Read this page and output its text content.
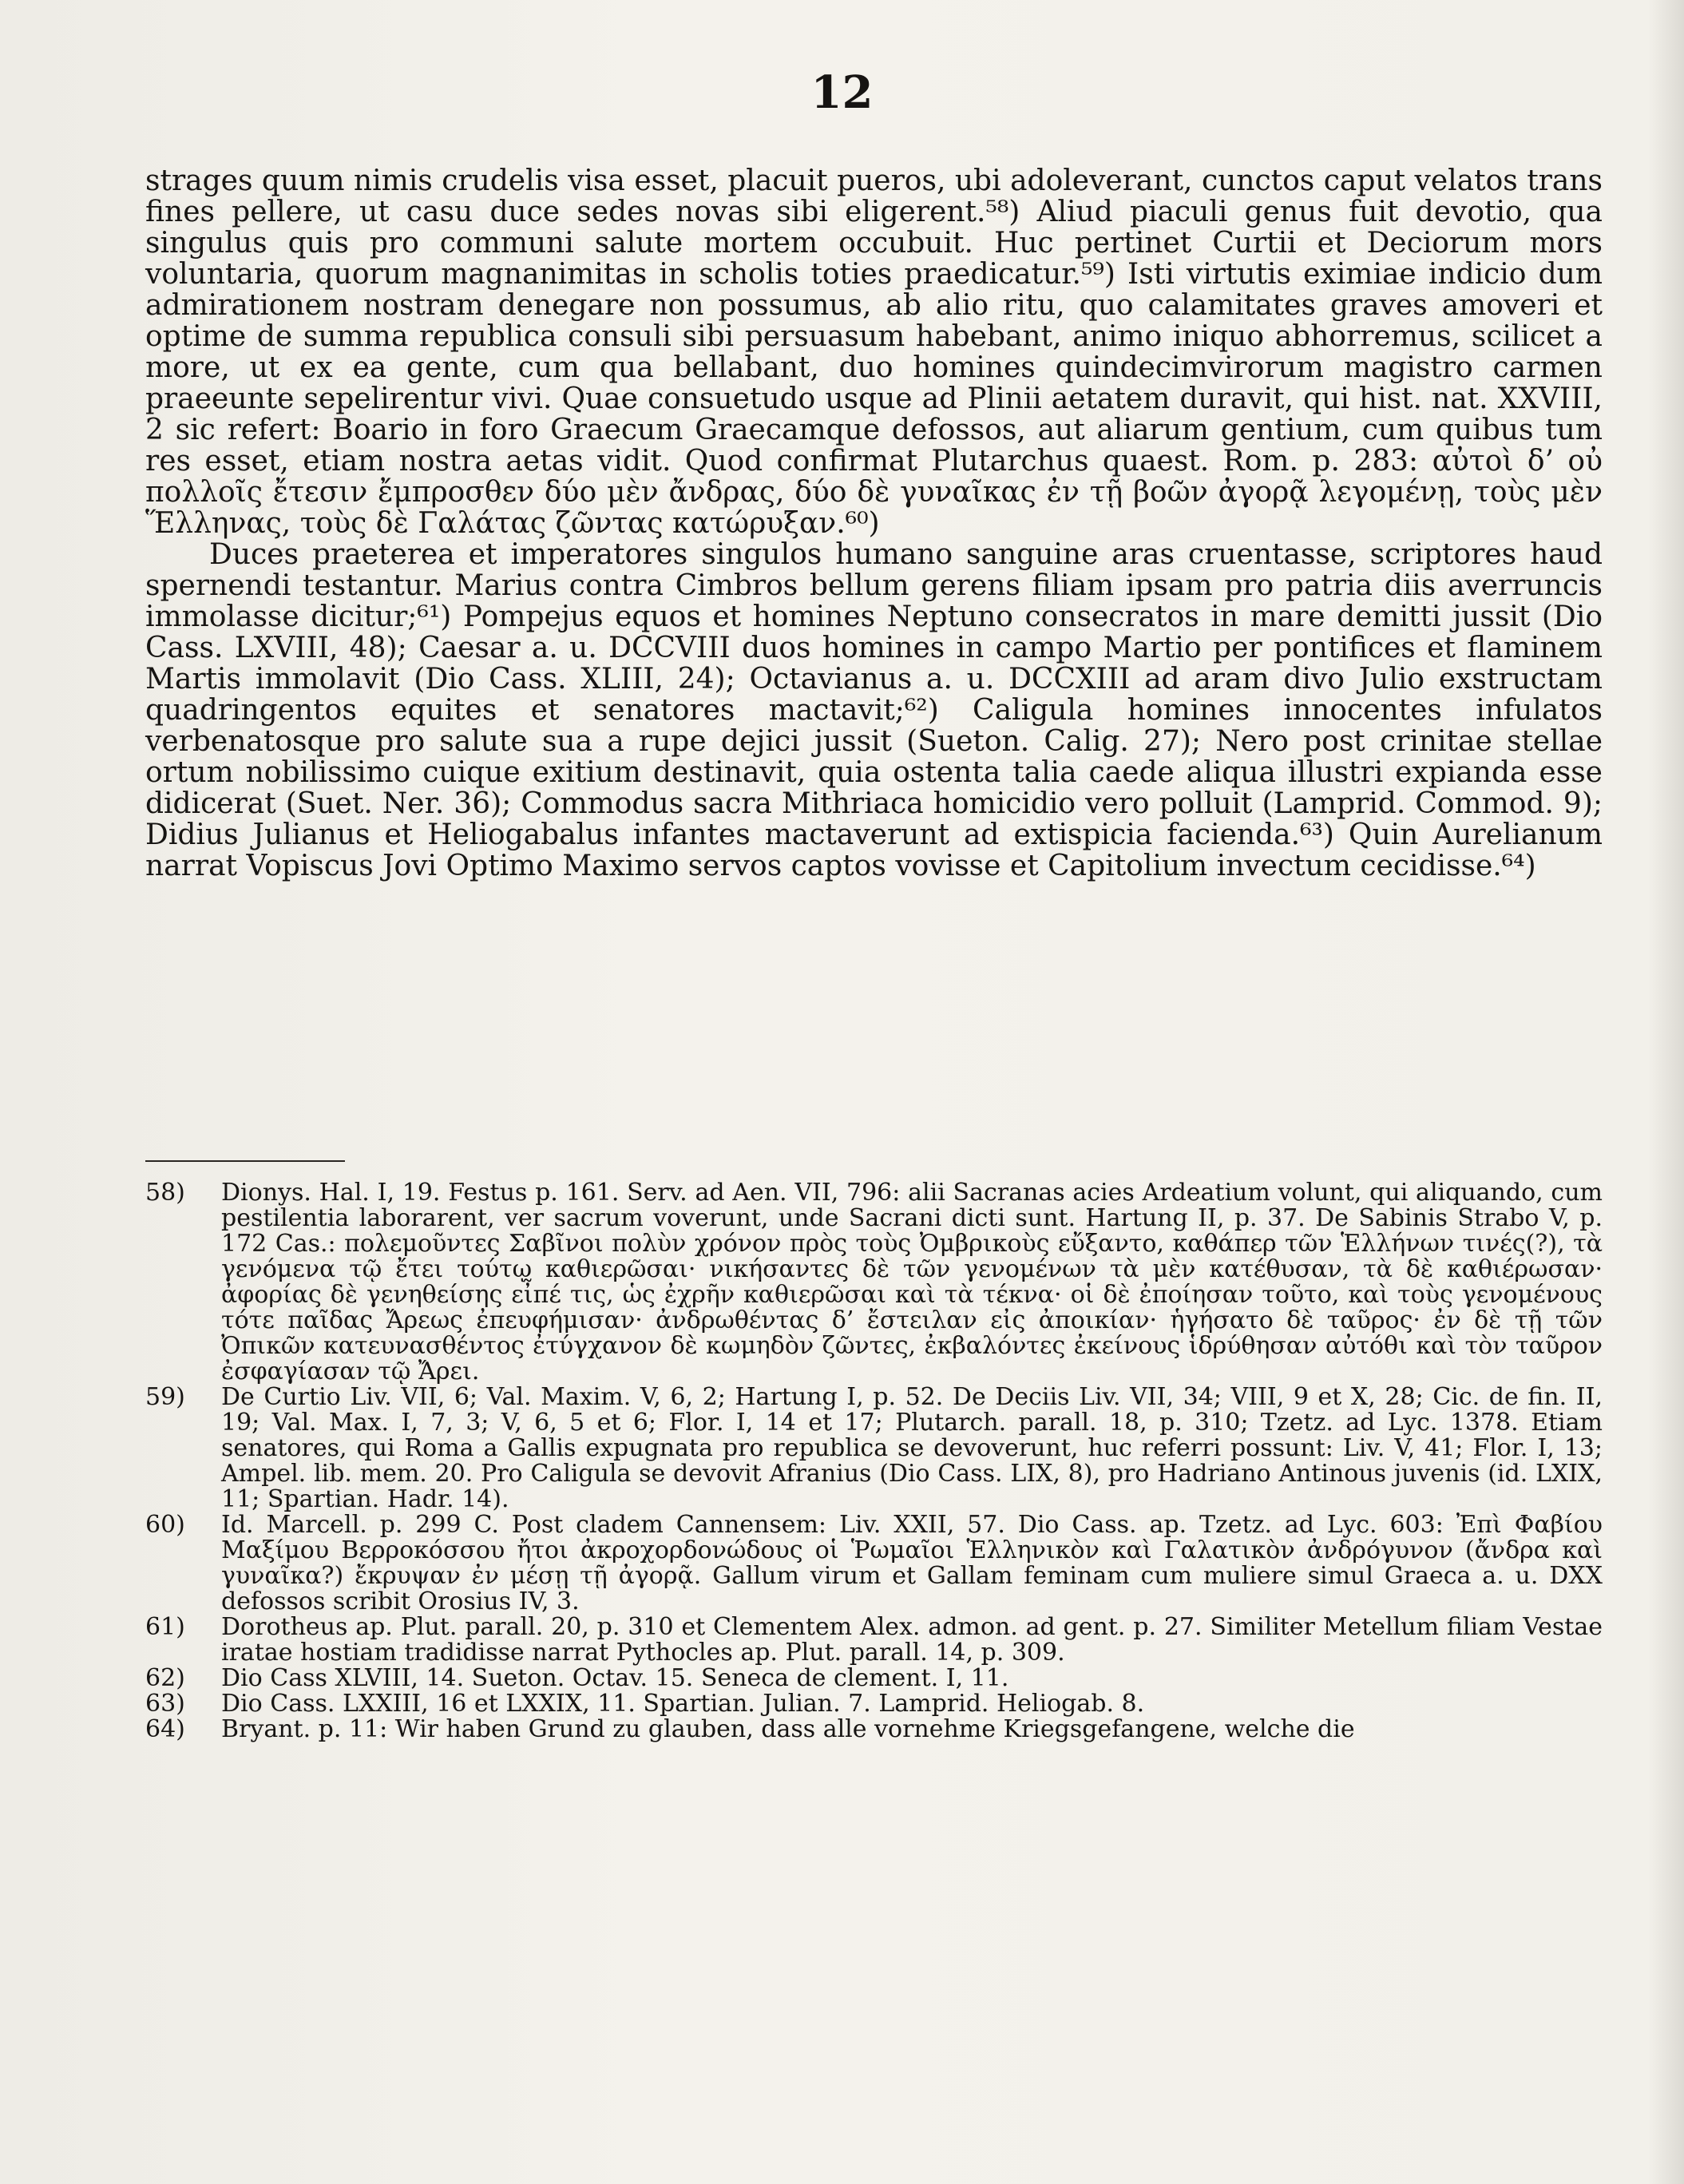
12

strages quum nimis crudelis visa esset, placuit pueros, ubi adoleverant, cunctos caput velatos trans fines pellere, ut casu duce sedes novas sibi eligerent.⁵⁸) Aliud piaculi genus fuit devotio, qua singulus quis pro communi salute mortem occubuit. Huc pertinet Curtii et Deciorum mors voluntaria, quorum magnanimitas in scholis toties praedicatur.⁵⁹) Isti virtutis eximiae indicio dum admirationem nostram denegare non possumus, ab alio ritu, quo calamitates graves amoveri et optime de summa republica consuli sibi persuasum habebant, animo iniquo abhorremus, scilicet a more, ut ex ea gente, cum qua bellabant, duo homines quindecimvirorum magistro carmen praeeunte sepelirentur vivi. Quae consuetudo usque ad Plinii aetatem duravit, qui hist. nat. XXVIII, 2 sic refert: Boario in foro Graecum Graecamque defossos, aut aliarum gentium, cum quibus tum res esset, etiam nostra aetas vidit. Quod confirmat Plutarchus quaest. Rom. p. 283: αὐτοὶ δ’ οὐ πολλοῖς ἔτεσιν ἔμπροσθεν δύο μὲν ἄνδρας, δύο δὲ γυναῖκας ἐν τῇ βοῶν ἀγορᾷ λεγομένῃ, τοὺς μὲν Ἕλληνας, τοὺς δὲ Γαλάτας ζῶντας κατώρυξαν.⁶⁰)

Duces praeterea et imperatores singulos humano sanguine aras cruentasse, scriptores haud spernendi testantur. Marius contra Cimbros bellum gerens filiam ipsam pro patria diis averruncis immolasse dicitur;⁶¹) Pompejus equos et homines Neptuno consecratos in mare demitti jussit (Dio Cass. LXVIII, 48); Caesar a. u. DCCVIII duos homines in campo Martio per pontifices et flaminem Martis immolavit (Dio Cass. XLIII, 24); Octavianus a. u. DCCXIII ad aram divo Julio exstructam quadringentos equites et senatores mactavit;⁶²) Caligula homines innocentes infulatos verbenatosque pro salute sua a rupe dejici jussit (Sueton. Calig. 27); Nero post crinitae stellae ortum nobilissimo cuique exitium destinavit, quia ostenta talia caede aliqua illustri expianda esse didicerat (Suet. Ner. 36); Commodus sacra Mithriaca homicidio vero polluit (Lamprid. Commod. 9); Didius Julianus et Heliogabalus infantes mactaverunt ad extispicia facienda.⁶³) Quin Aurelianum narrat Vopiscus Jovi Optimo Maximo servos captos vovisse et Capitolium invectum cecidisse.⁶⁴)

58)	Dionys. Hal. I, 19. Festus p. 161. Serv. ad Aen. VII, 796: alii Sacranas acies Ardeatium volunt, qui aliquando, cum pestilentia laborarent, ver sacrum voverunt, unde Sacrani dicti sunt. Hartung II, p. 37. De Sabinis Strabo V, p. 172 Cas.: πολεμοῦντες Σαβῖνοι πολὺν χρόνον πρὸς τοὺς Ὀμβρικοὺς εὔξαντο, καθάπερ τῶν Ἑλλήνων τινές(?), τὰ γενόμενα τῷ ἔτει τούτῳ καθιερῶσαι· νικήσαντες δὲ τῶν γενομένων τὰ μὲν κατέθυσαν, τὰ δὲ καθιέρωσαν· ἀφορίας δὲ γενηθείσης εἶπέ τις, ὡς ἐχρῆν καθιερῶσαι καὶ τὰ τέκνα· οἱ δὲ ἐποίησαν τοῦτο, καὶ τοὺς γενομένους τότε παῖδας Ἄρεως ἐπευφήμισαν· ἀνδρωθέντας δ’ ἔστειλαν εἰς ἀποικίαν· ἡγήσατο δὲ ταῦρος· ἐν δὲ τῇ τῶν Ὀπικῶν κατευνασθέντος ἐτύγχανον δὲ κωμηδὸν ζῶντες, ἐκβαλόντες ἐκείνους ἱδρύθησαν αὐτόθι καὶ τὸν ταῦρον ἐσφαγίασαν τῷ Ἄρει.
59)	De Curtio Liv. VII, 6; Val. Maxim. V, 6, 2; Hartung I, p. 52. De Deciis Liv. VII, 34; VIII, 9 et X, 28; Cic. de fin. II, 19; Val. Max. I, 7, 3; V, 6, 5 et 6; Flor. I, 14 et 17; Plutarch. parall. 18, p. 310; Tzetz. ad Lyc. 1378. Etiam senatores, qui Roma a Gallis expugnata pro republica se devoverunt, huc referri possunt: Liv. V, 41; Flor. I, 13; Ampel. lib. mem. 20. Pro Caligula se devovit Afranius (Dio Cass. LIX, 8), pro Hadriano Antinous juvenis (id. LXIX, 11; Spartian. Hadr. 14).
60)	Id. Marcell. p. 299 C. Post cladem Cannensem: Liv. XXII, 57. Dio Cass. ap. Tzetz. ad Lyc. 603: Ἐπὶ Φαβίου Μαξίμου Βερροκόσσου ἤτοι ἀκροχορδονώδους οἱ Ῥωμαῖοι Ἑλληνικὸν καὶ Γαλατικὸν ἀνδρόγυνον (ἄνδρα καὶ γυναῖκα?) ἔκρυψαν ἐν μέσῃ τῇ ἀγορᾷ. Gallum virum et Gallam feminam cum muliere simul Graeca a. u. DXX defossos scribit Orosius IV, 3.
61)	Dorotheus ap. Plut. parall. 20, p. 310 et Clementem Alex. admon. ad gent. p. 27. Similiter Metellum filiam Vestae iratae hostiam tradidisse narrat Pythocles ap. Plut. parall. 14, p. 309.
62)	Dio Cass XLVIII, 14. Sueton. Octav. 15. Seneca de clement. I, 11.
63)	Dio Cass. LXXIII, 16 et LXXIX, 11. Spartian. Julian. 7. Lamprid. Heliogab. 8.
64)	Bryant. p. 11: Wir haben Grund zu glauben, dass alle vornehme Kriegsgefangene, welche die
